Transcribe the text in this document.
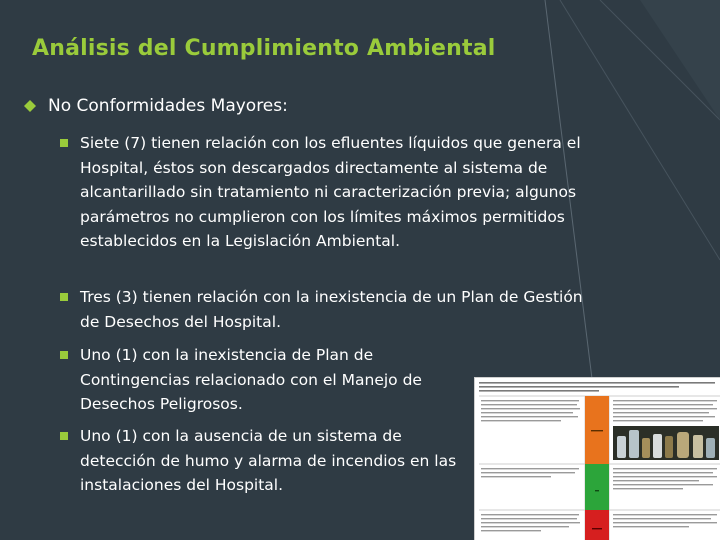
Análisis del Cumplimiento Ambiental
No Conformidades Mayores:
Siete (7) tienen relación con los efluentes líquidos que genera el Hospital, éstos son descargados directamente al sistema de alcantarillado sin tratamiento ni caracterización previa; algunos parámetros no cumplieron con los límites máximos permitidos establecidos en la Legislación Ambiental.
Tres (3) tienen relación con la inexistencia de un Plan de Gestión de Desechos del Hospital.
Uno (1) con la inexistencia de Plan de Contingencias relacionado con el Manejo de Desechos Peligrosos.
Uno (1) con la ausencia de un sistema de detección de humo y alarma de incendios en las instalaciones del Hospital.
